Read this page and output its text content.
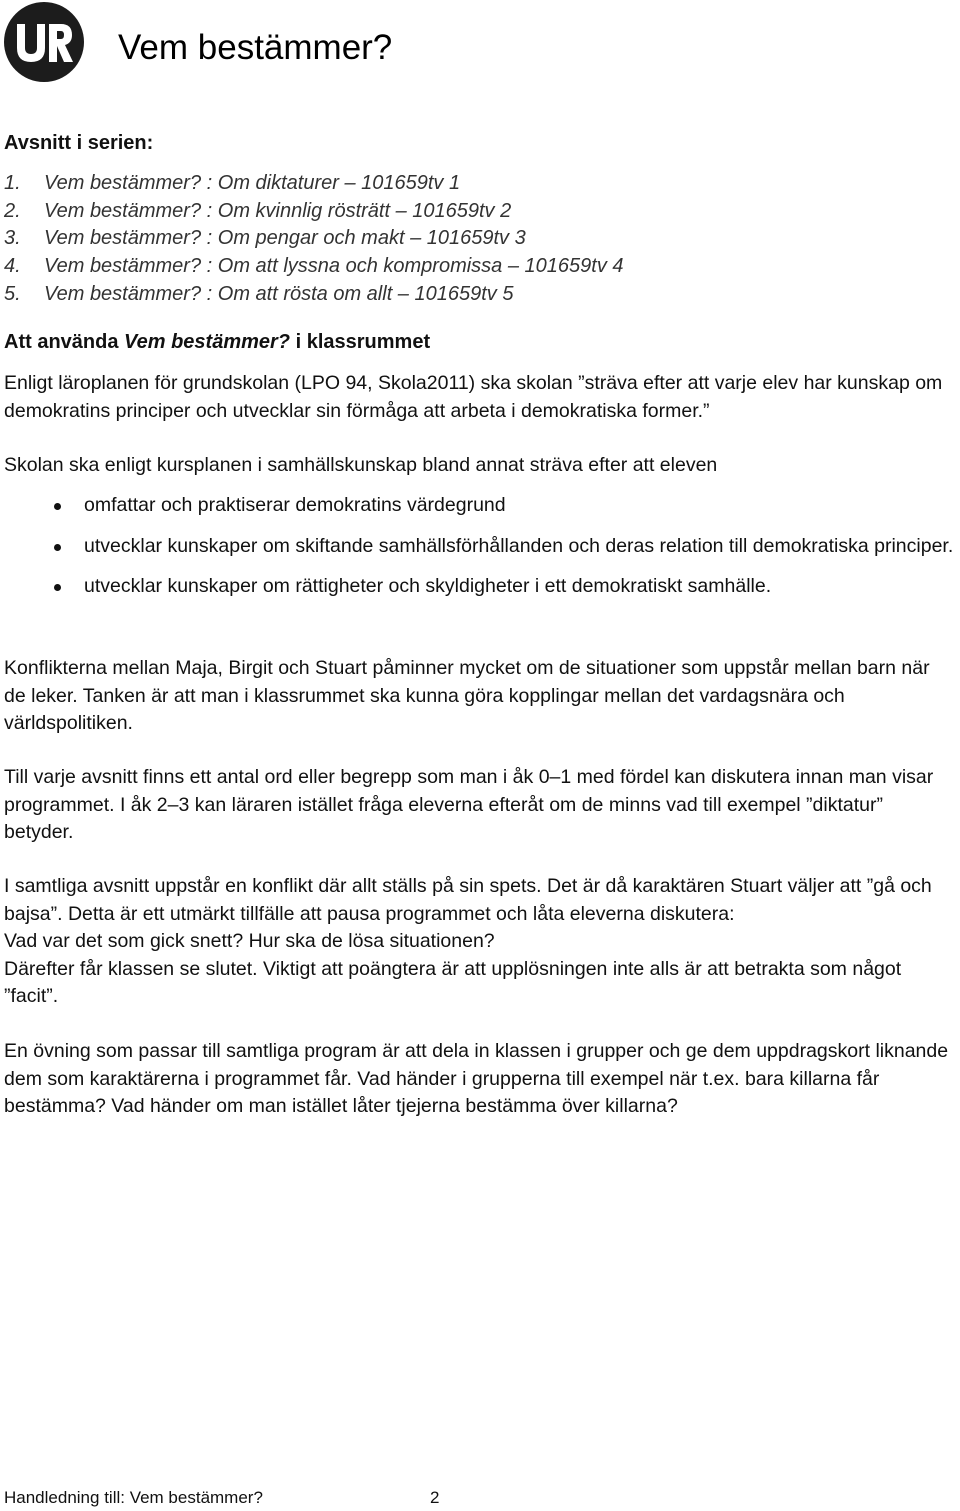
UR
Vem bestämmer?
Avsnitt i serien:
1. Vem bestämmer? : Om diktaturer – 101659tv 1
2. Vem bestämmer? : Om kvinnlig rösträtt – 101659tv 2
3. Vem bestämmer? : Om pengar och makt – 101659tv 3
4. Vem bestämmer? : Om att lyssna och kompromissa – 101659tv 4
5. Vem bestämmer? : Om att rösta om allt – 101659tv 5
Att använda Vem bestämmer? i klassrummet

Enligt läroplanen för grundskolan (LPO 94, Skola2011) ska skolan ”sträva efter att varje elev har kunskap om demokratins principer och utvecklar sin förmåga att arbeta i demokratiska former.”

Skolan ska enligt kursplanen i samhällskunskap bland annat sträva efter att eleven

omfattar och praktiserar demokratins värdegrund
utvecklar kunskaper om skiftande samhällsförhållanden och deras relation till demokratiska principer.
utvecklar kunskaper om rättigheter och skyldigheter i ett demokratiskt samhälle.

Konflikterna mellan Maja, Birgit och Stuart påminner mycket om de situationer som uppstår mellan barn när de leker. Tanken är att man i klassrummet ska kunna göra kopplingar mellan det vardagsnära och världspolitiken.

Till varje avsnitt finns ett antal ord eller begrepp som man i åk 0–1 med fördel kan diskutera innan man visar programmet. I åk 2–3 kan läraren istället fråga eleverna efteråt om de minns vad till exempel ”diktatur” betyder.

I samtliga avsnitt uppstår en konflikt där allt ställs på sin spets. Det är då karaktären Stuart väljer att ”gå och bajsa”. Detta är ett utmärkt tillfälle att pausa programmet och låta eleverna diskutera:
Vad var det som gick snett? Hur ska de lösa situationen?
Därefter får klassen se slutet. Viktigt att poängtera är att upplösningen inte alls är att betrakta som något ”facit”.

En övning som passar till samtliga program är att dela in klassen i grupper och ge dem uppdragskort liknande dem som karaktärerna i programmet får. Vad händer i grupperna till exempel när t.ex. bara killarna får bestämma? Vad händer om man istället låter tjejerna bestämma över killarna?

Handledning till: Vem bestämmer?	2
